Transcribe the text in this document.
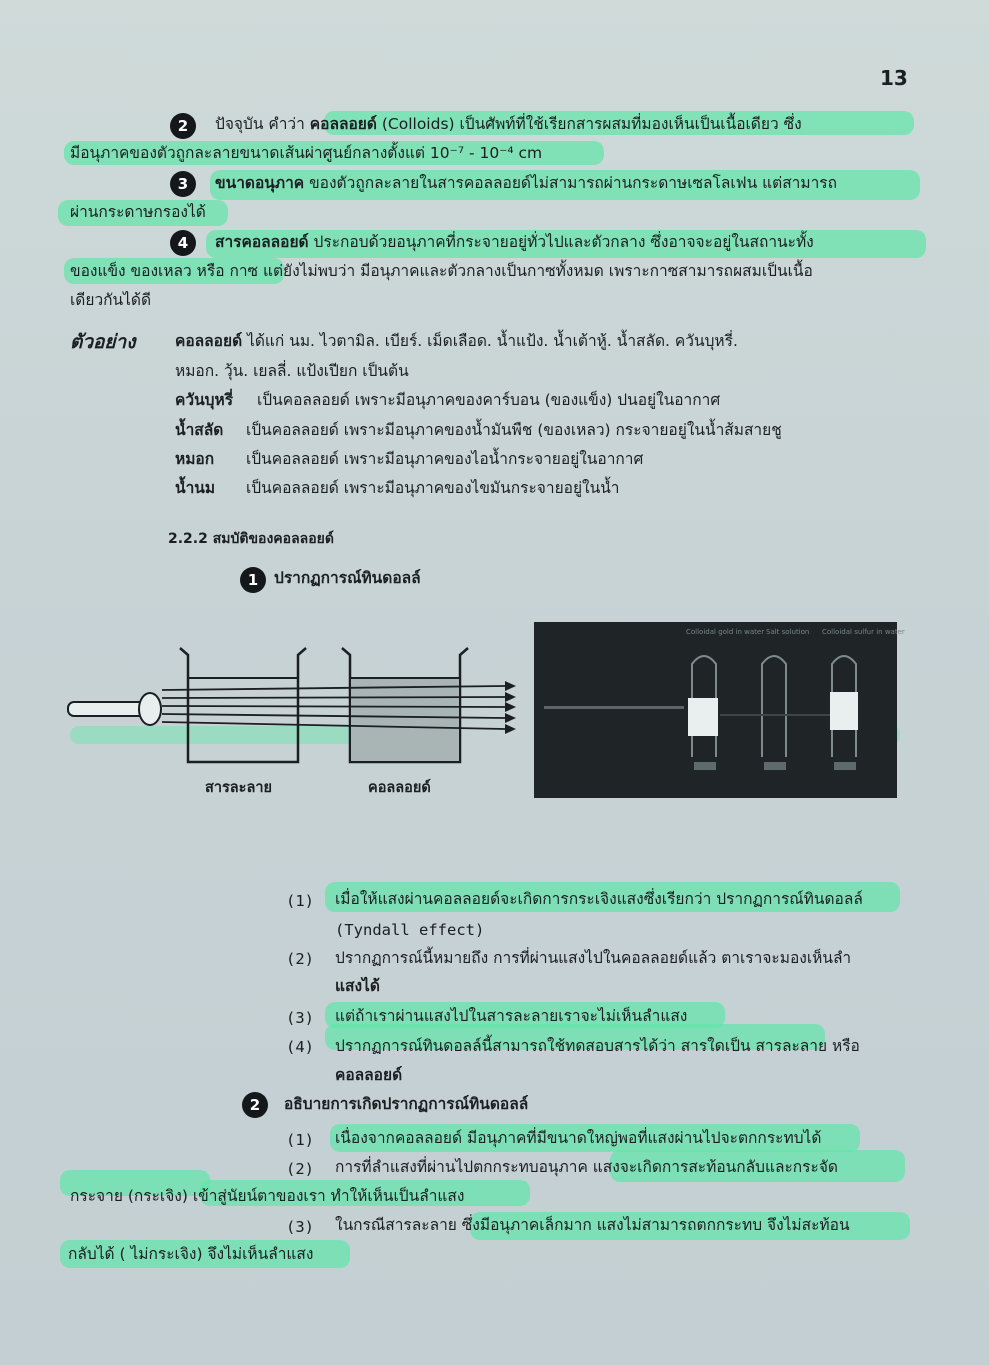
13
2	ปัจจุบัน คำว่า คอลลอยด์ (Colloids) เป็นศัพท์ที่ใช้เรียกสารผสมที่มองเห็นเป็นเนื้อเดียว ซึ่ง
มีอนุภาคของตัวถูกละลายขนาดเส้นผ่าศูนย์กลางตั้งแต่ 10⁻⁷ - 10⁻⁴ cm
3	ขนาดอนุภาค ของตัวถูกละลายในสารคอลลอยด์ไม่สามารถผ่านกระดาษเซลโลเฟน แต่สามารถ
ผ่านกระดาษกรองได้
4	สารคอลลอยด์ ประกอบด้วยอนุภาคที่กระจายอยู่ทั่วไปและตัวกลาง ซึ่งอาจจะอยู่ในสถานะทั้ง
ของแข็ง ของเหลว หรือ กาซ แต่ยังไม่พบว่า มีอนุภาคและตัวกลางเป็นกาซทั้งหมด เพราะกาซสามารถผสมเป็นเนื้อ
เดียวกันได้ดี
ตัวอย่าง	คอลลอยด์ ได้แก่ นม. ไวตามิล. เบียร์. เม็ดเลือด. น้ำแป้ง. น้ำเต้าหู้. น้ำสลัด. ควันบุหรี่.
หมอก. วุ้น. เยลลี่. แป้งเปียก เป็นต้น
ควันบุหรี่ เป็นคอลลอยด์ เพราะมีอนุภาคของคาร์บอน (ของแข็ง) ปนอยู่ในอากาศ
น้ำสลัด เป็นคอลลอยด์ เพราะมีอนุภาคของน้ำมันพืช (ของเหลว) กระจายอยู่ในน้ำส้มสายชู
หมอก เป็นคอลลอยด์ เพราะมีอนุภาคของไอน้ำกระจายอยู่ในอากาศ
น้ำนม เป็นคอลลอยด์ เพราะมีอนุภาคของไขมันกระจายอยู่ในน้ำ
2.2.2 สมบัติของคอลลอยด์
1	ปรากฏการณ์ทินดอลล์
สารละลาย	คอลลอยด์
Colloidal gold in water Salt solution Colloidal sulfur in water
(1) เมื่อให้แสงผ่านคอลลอยด์จะเกิดการกระเจิงแสงซึ่งเรียกว่า ปรากฏการณ์ทินดอลล์
(Tyndall effect)
(2) ปรากฏการณ์นี้หมายถึง การที่ผ่านแสงไปในคอลลอยด์แล้ว ตาเราจะมองเห็นลำ
แสงได้
(3) แต่ถ้าเราผ่านแสงไปในสารละลายเราจะไม่เห็นลำแสง
(4) ปรากฏการณ์ทินดอลล์นี้สามารถใช้ทดสอบสารได้ว่า สารใดเป็น สารละลาย หรือ
คอลลอยด์
2	อธิบายการเกิดปรากฏการณ์ทินดอลล์
(1) เนื่องจากคอลลอยด์ มีอนุภาคที่มีขนาดใหญ่พอที่แสงผ่านไปจะตกกระทบได้
(2) การที่ลำแสงที่ผ่านไปตกกระทบอนุภาค แสงจะเกิดการสะท้อนกลับและกระจัด
กระจาย (กระเจิง) เข้าสู่นัยน์ตาของเรา ทำให้เห็นเป็นลำแสง
(3) ในกรณีสารละลาย ซึ่งมีอนุภาคเล็กมาก แสงไม่สามารถตกกระทบ จึงไม่สะท้อน
กลับได้ ( ไม่กระเจิง) จึงไม่เห็นลำแสง
